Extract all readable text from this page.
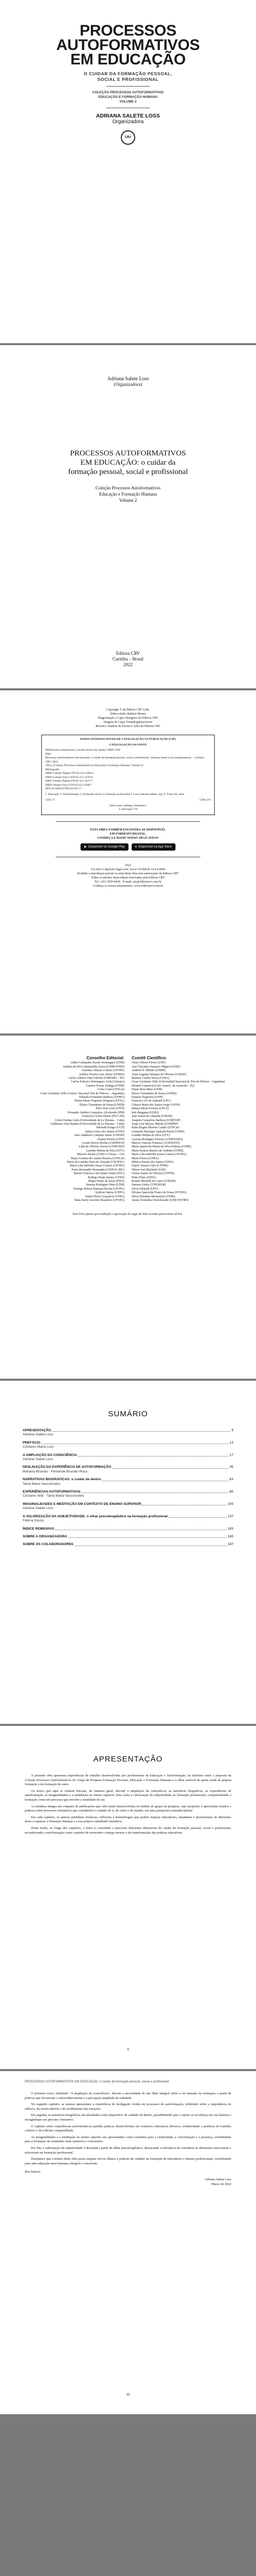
PROCESSOS
AUTOFORMATIVOS
EM EDUCAÇÃO
O CUIDAR DA FORMAÇÃO PESSOAL,
SOCIAL E PROFISSIONAL
COLEÇÃO PROCESSOS AUTOFORMATIVOS
EDUCAÇÃO E FORMAÇÃO HUMANA
VOLUME 2
ADRIANA SALETE LOSS
Organizadora
CRV
Adriana Salete Loss
(Organizadora)
PROCESSOS AUTOFORMATIVOS
EM EDUCAÇÃO: o cuidar da
formação pessoal, social e profissional
Coleção Processos Autoformativos
Educação e Formação Humana
Volume 2
Editora CRV
Curitiba – Brasil
2022
Copyright © da Editora CRV Ltda.
Editor-chefe: Railson Moura
Diagramação e Capa: Designers da Editora CRV
Imagem de Capa: Freepik/galaxyvector
Revisão: Analista de Escrita e Artes da Editora CRV
DADOS INTERNACIONAIS DE CATALOGAÇÃO NA PUBLICAÇÃO (CIP)
CATALOGAÇÃO NA FONTE
Bibliotecária responsável: Luzenira Alves dos Santos CRB9/1506
P963
Processos autoformativos em educação: o cuidar da formação pessoal, social e profissional / Adriana Salete Loss (organizadora). – Curitiba : CRV, 2022.
196 p. (Coleção Processos Autoformativos Educação e Formação Humana. Volume 2)
Bibliografia
ISBN Coleção Digital 978-65-251-3269-4
ISBN Coleção Físico 978-65-251-3270-0
ISBN Volume Digital 978-65-251-3271-7
ISBN Volume Físico 978-65-251-3268-7
DOI 10.24824/978652513271.7
1. Educação 2. Autoformação 3. Formação social 4. Formação profissional I. Loss, Adriana Salete. org. II. Título III. Série
CDU 37	CDD 370
Índice para catálogo sistemático
1. Educação 370
ESTA OBRA TAMBÉM ENCONTRA-SE DISPONÍVEL
EM FORMATO DIGITAL.
CONHEÇA E BAIXE NOSSO APLICATIVO!
▶ Disponível no Google Play	● Disponível na App Store
2022
Foi feito o depósito legal conf. Lei nº 10.994 de 14/12/2004
Proibida a reprodução parcial ou total desta obra sem autorização da Editora CRV
Todos os direitos desta edição reservados pela Editora CRV
Tel.: (41) 3039-6418 · E-mail: sac@editoracrv.com.br
Conheça os nossos lançamentos: www.editoracrv.com.br
Conselho Editorial:

Aldira Guimarães Duarte Domínguez (UNB)

Andréia da Silva Quintanilha Sousa (UNIR/UFRN)

Anselmo Alencar Colares (UFOPA)

Antônio Pereira Gaio Júnior (UFRRJ)

Carlos Alberto Vilar Estêvão (UMINHO – PT)

Carlos Federico Dominguez Avila (Unieuro)

Carmen Tereza Velanga (UNIR)

Celso Conti (UFSCar)

Cesar Gerónimo Tello (Univer .Nacional Três de Febrero – Argentina)

Eduardo Fernandes Barbosa (UFMG)

Elione Maria Nogueira Diogenes (UFAL)

Elizeu Clementino de Souza (UNEB)

Élsio José Corá (UFFS)

Fernando Antônio Gonçalves Alcoforado (IPB)

Francisco Carlos Duarte (PUC-PR)

Gloria Fariñas León (Universidade de La Havana – Cuba)

Guillermo Arias Beatón (Universidade de La Havana – Cuba)

Helmuth Krüger (UCP)

Jailson Alves dos Santos (UFRJ)

João Adalberto Campato Junior (UNESP)

Josania Portela (UFPI)

Leonel Severo Rocha (UNISINOS)

Lídia de Oliveira Xavier (UNIEURO)

Lourdes Helena da Silva (UFV)

Marcelo Paixão (UFRJ e UTexas – US)

Maria Cristina dos Santos Bezerra (UFSCar)

Maria de Lourdes Pinto de Almeida (UNOESC)

Maria Lília Imbiriba Sousa Colares (UFOPA)

Paulo Romualdo Hernandes (UNIFAL-MG)

Renato Francisco dos Santos Paula (UFG)

Rodrigo Pratte-Santos (UFES)

Sérgio Nunes de Jesus (IFRO)

Simone Rodrigues Pinto (UNB)

Solange Helena Ximenes-Rocha (UFOPA)

Sydione Santos (UEPG)

Tadeu Oliver Gonçalves (UFPA)

Tania Suely Azevedo Brasileiro (UFOPA)

Comitê Científico:

Altair Alberto Fávero (UPF)

Ana Chrystina Venancio Mignot (UERJ)

Andréia N. Militão (UEMS)

Anna Augusta Sampaio de Oliveira (UNESP)

Barbara Coelho Neves (UFBA)

Cesar Gerónimo Tello (Universidad Nacional de Três de Febrero – Argentina)

Diosnel Centurion (Univ Americ. de Asunción – Py)

Eliane Rose Maio (UEM)

Elizeu Clementino de Souza (UNEB)

Fauston Negreiros (UFPI)

Francisco Ari de Andrade (UFC)

Gláucia Maria dos Santos Jorge (UFOP)

Helena Maria Ferreira (UFLA)

Inês Bragança (UERJ)

Jane Soares de Almeida (UNESP)

Joaquim Gonçalves Barbosa (UNIFESP)

Jorge Luís Mazzeo Mariño (UNIMEP)

Kátia Regina Moreno Caiado (UFSCar)

Leonardo Henrique Andrade Brasil (UFRN)

Lourdes Helena da Silva (UFV)

Luciana Rodrigues Ferreira (UNIFESSPA)

Marcos Vinicius Francisco (UNOESTE)

Maria Aparecida Mazin da Silva Pedrosa (UFRR)

Maria Eurácia Barreto de Andrade (UFRB)

Maria Lília Imbiriba Sousa Colares (UFOPA)

Marta Pereira (UFBA)

Mônica Pereira dos Santos (UFRJ)

Najela Tavares Ujiie (UTFPR)

Nilson José Machado (USP)

Oséias Santos de Oliveira (UTFPR)

Pedro Pinto (UFPA)

Rosane Michelli de Castro (UNESP)

Simone Godoy (UNESPAR)

Silvia Valarelli (UFG)

Silvana Aparecida Franco de Sousa (UFOPA)

Sílvia Elizabete Michaelsen (UFPR)

Suzete Terezinha Orzechowski (UNICENTRO)

Este livro passou por avaliação e aprovação às cegas de dois ou mais pareceristas ad hoc.
SUMÁRIO
APRESENTAÇÃO	9
Adriana Salete Loss
PREFÁCIO	13
Cristiane Maria Loss
A AMPLIAÇÃO DA CONSCIÊNCIA	17
Adriana Salete Loss
DESLIGAÇÃO DA EXPERIÊNCIA DE AUTOFORMAÇÃO	45
Mariana Brunato · Fernanda Brunato Rosa
NARRATIVAS BIOGRÁFICAS: o cuidar de dentro	63
Tania Maria Vasconcelos
EXPERIÊNCIAS AUTOFORMATIVAS	85
Cristiane Abiti · Tania Maria Vasconcelos
IMAGINALIDADES E MEDITAÇÃO EM CONTEXTO DE ENSINO SUPERIOR	109
Adriana Salete Loss
A VALORIZAÇÃO DA SUBJETIVIDADE: o olhar psicoterapêutico na formação profissional	137
Fátima Souza
ÍNDICE REMISSIVO	183
SOBRE A ORGANIZADORA	185
SOBRE OS COLABORADORES	187
APRESENTAÇÃO

A presente obra apresenta experiências de trabalho desenvolvidas por profissionais da Educação e Autoformação, na interface entre a proposta da Coleção Processos Autoformativos do Grupo de Pesquisa Formação Docente, Educação e Formação Humana e o olhar sensível de quem cuida da própria formação e da formação do outro.

Os textos que aqui se reúnem buscam, de maneira geral, discutir a ampliação da consciência, as narrativas biográficas, as experiências de autoformação, as imaginalidades e a meditação no ensino superior, bem como a valorização da subjetividade na formação profissional, compreendendo a formação como um processo que envolve a totalidade do ser.

A coletânea integra um conjunto de publicações que vêm sendo desenvolvidas no âmbito do grupo de pesquisa, cujo propósito é aprofundar estudos e práticas sobre processos formativos que considerem o cuidado de si, do outro e do mundo, em uma perspectiva transdisciplinar.

Em cada capítulo, os autores partilham vivências, reflexões e metodologias que podem inspirar educadores, estudantes e profissionais de diferentes áreas a repensar a formação humana e a sua própria caminhada formativa.

Deste modo, ao longo dos capítulos, o leitor é convidado a percorrer diferentes dimensões do cuidar da formação pessoal, social e profissional, reconhecendo a autoformação como caminho de reencontro consigo mesmo e de transformação das práticas educativas.

9
PROCESSOS AUTOFORMATIVOS EM EDUCAÇÃO: o cuidar da formação pessoal, social e profissional

O primeiro texto, intitulado “A ampliação da consciência”, discute a necessidade de um olhar integral sobre o ser humano na formação, a partir de práticas que favorecem o autoconhecimento e a percepção ampliada da realidade.

No segundo capítulo, as autoras apresentam a experiência de desligação vivida em processos de autoformação, refletindo sobre a importância do silêncio, da escuta interior e do acolhimento das emoções.

Em seguida, as narrativas biográficas são abordadas como dispositivo de cuidado de dentro, possibilitando que o sujeito se reconheça em sua história e ressignifique seu percurso formativo.

O capítulo sobre experiências autoformativas partilha práticas desenvolvidas em contextos educativos diversos, evidenciando a potência do trabalho coletivo e da reflexão compartilhada.

As imaginalidades e a meditação no ensino superior são apresentadas como caminhos para a criatividade, a concentração e a presença, contribuindo para a formação de estudantes mais sensíveis e conscientes.

Por fim, a valorização da subjetividade é discutida a partir do olhar psicoterapêutico, destacando a relevância de considerar as dimensões emocionais e relacionais na formação profissional.

Desejamos que a leitura desta obra possa inspirar novos olhares e práticas de cuidado na formação de educadores e demais profissionais, contribuindo para uma educação mais humana, integral e consciente.

Boa leitura!

Adriana Salete Loss
Março de 2022
10
